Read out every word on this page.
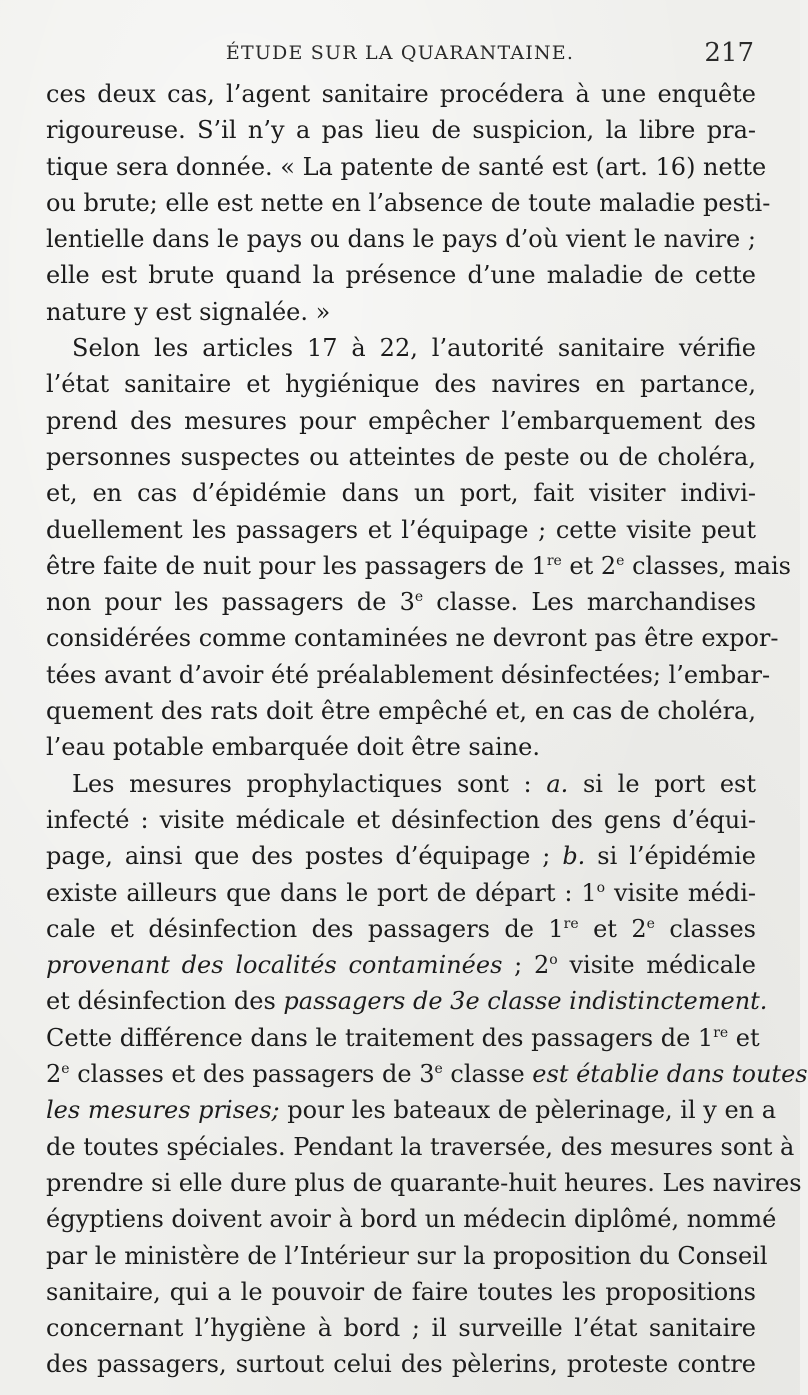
ÉTUDE SUR LA QUARANTAINE.	217
ces deux cas, l’agent sanitaire procédera à une enquête
rigoureuse. S’il n’y a pas lieu de suspicion, la libre pra-
tique sera donnée. « La patente de santé est (art. 16) nette
ou brute; elle est nette en l’absence de toute maladie pesti-
lentielle dans le pays ou dans le pays d’où vient le navire ;
elle est brute quand la présence d’une maladie de cette
nature y est signalée. »
Selon les articles 17 à 22, l’autorité sanitaire vérifie
l’état sanitaire et hygiénique des navires en partance,
prend des mesures pour empêcher l’embarquement des
personnes suspectes ou atteintes de peste ou de choléra,
et, en cas d’épidémie dans un port, fait visiter indivi-
duellement les passagers et l’équipage ; cette visite peut
être faite de nuit pour les passagers de 1re et 2e classes, mais
non pour les passagers de 3e classe. Les marchandises
considérées comme contaminées ne devront pas être expor-
tées avant d’avoir été préalablement désinfectées; l’embar-
quement des rats doit être empêché et, en cas de choléra,
l’eau potable embarquée doit être saine.
Les mesures prophylactiques sont : a. si le port est
infecté : visite médicale et désinfection des gens d’équi-
page, ainsi que des postes d’équipage ; b. si l’épidémie
existe ailleurs que dans le port de départ : 1$^o$ visite médi-
cale et désinfection des passagers de 1re et 2e classes
provenant des localités contaminées ; 2$^o$ visite médicale
et désinfection des passagers de 3e classe indistinctement.
Cette différence dans le traitement des passagers de 1re et
2e classes et des passagers de 3e classe est établie dans toutes
les mesures prises; pour les bateaux de pèlerinage, il y en a
de toutes spéciales. Pendant la traversée, des mesures sont à
prendre si elle dure plus de quarante-huit heures. Les navires
égyptiens doivent avoir à bord un médecin diplômé, nommé
par le ministère de l’Intérieur sur la proposition du Conseil
sanitaire, qui a le pouvoir de faire toutes les propositions
concernant l’hygiène à bord ; il surveille l’état sanitaire
des passagers, surtout celui des pèlerins, proteste contre
